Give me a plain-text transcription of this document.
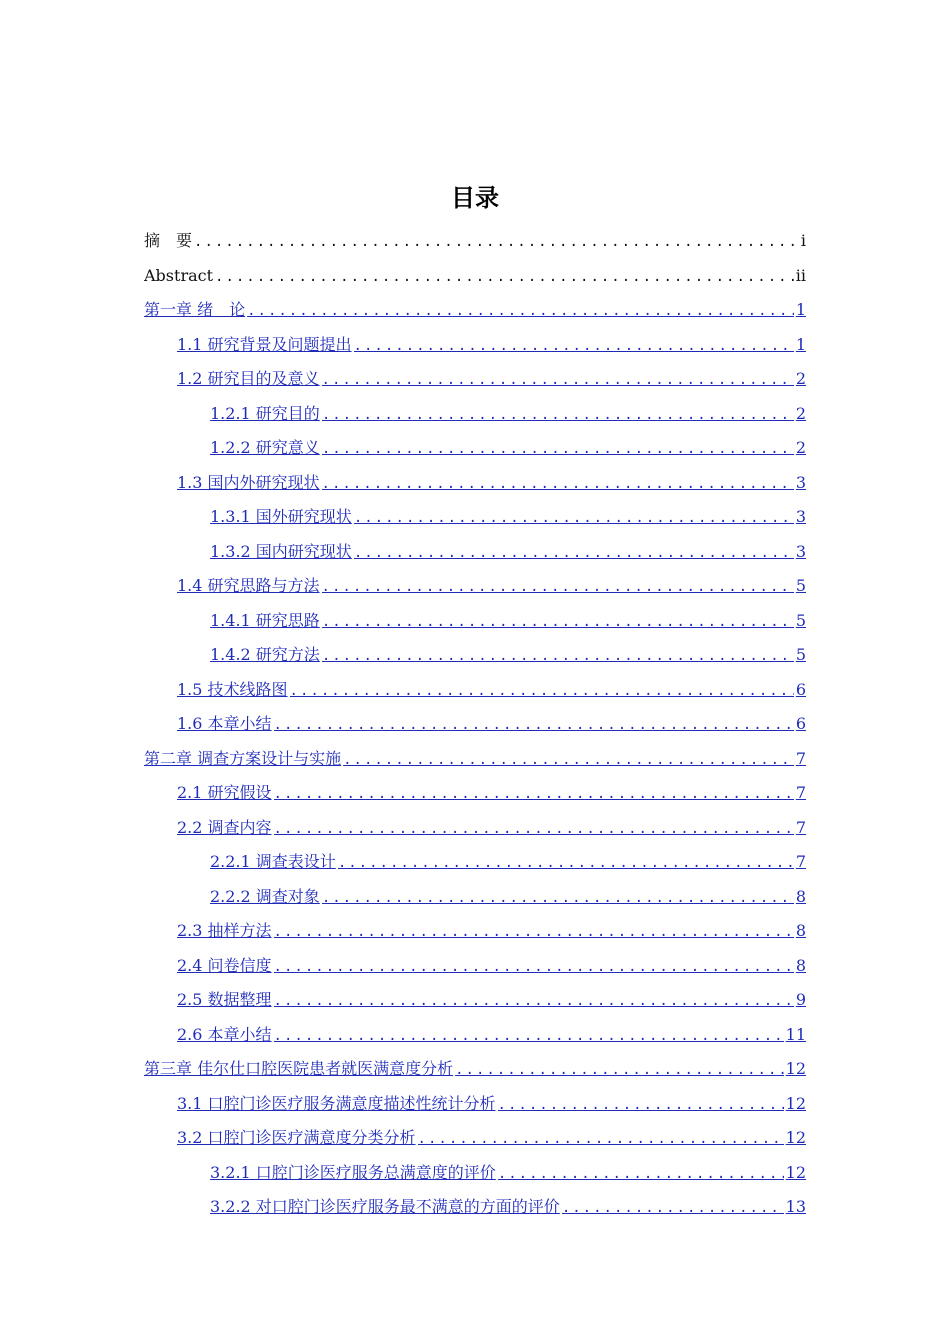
目录
摘　要 .....	i
Abstract .....	ii
第一章 绪　论 .....	1
1.1 研究背景及问题提出 .....	1
1.2 研究目的及意义 .....	2
1.2.1 研究目的 .....	2
1.2.2 研究意义 .....	2
1.3 国内外研究现状 .....	3
1.3.1 国外研究现状 .....	3
1.3.2 国内研究现状 .....	3
1.4 研究思路与方法 .....	5
1.4.1 研究思路 .....	5
1.4.2 研究方法 .....	5
1.5 技术线路图 .....	6
1.6 本章小结 .....	6
第二章 调查方案设计与实施 .....	7
2.1 研究假设 .....	7
2.2 调查内容 .....	7
2.2.1 调查表设计 .....	7
2.2.2 调查对象 .....	8
2.3 抽样方法 .....	8
2.4 问卷信度 .....	8
2.5 数据整理 .....	9
2.6 本章小结 .....	11
第三章 佳尔仕口腔医院患者就医满意度分析 .....	12
3.1 口腔门诊医疗服务满意度描述性统计分析 .....	12
3.2 口腔门诊医疗满意度分类分析 .....	12
3.2.1 口腔门诊医疗服务总满意度的评价 .....	12
3.2.2 对口腔门诊医疗服务最不满意的方面的评价 .....	13
